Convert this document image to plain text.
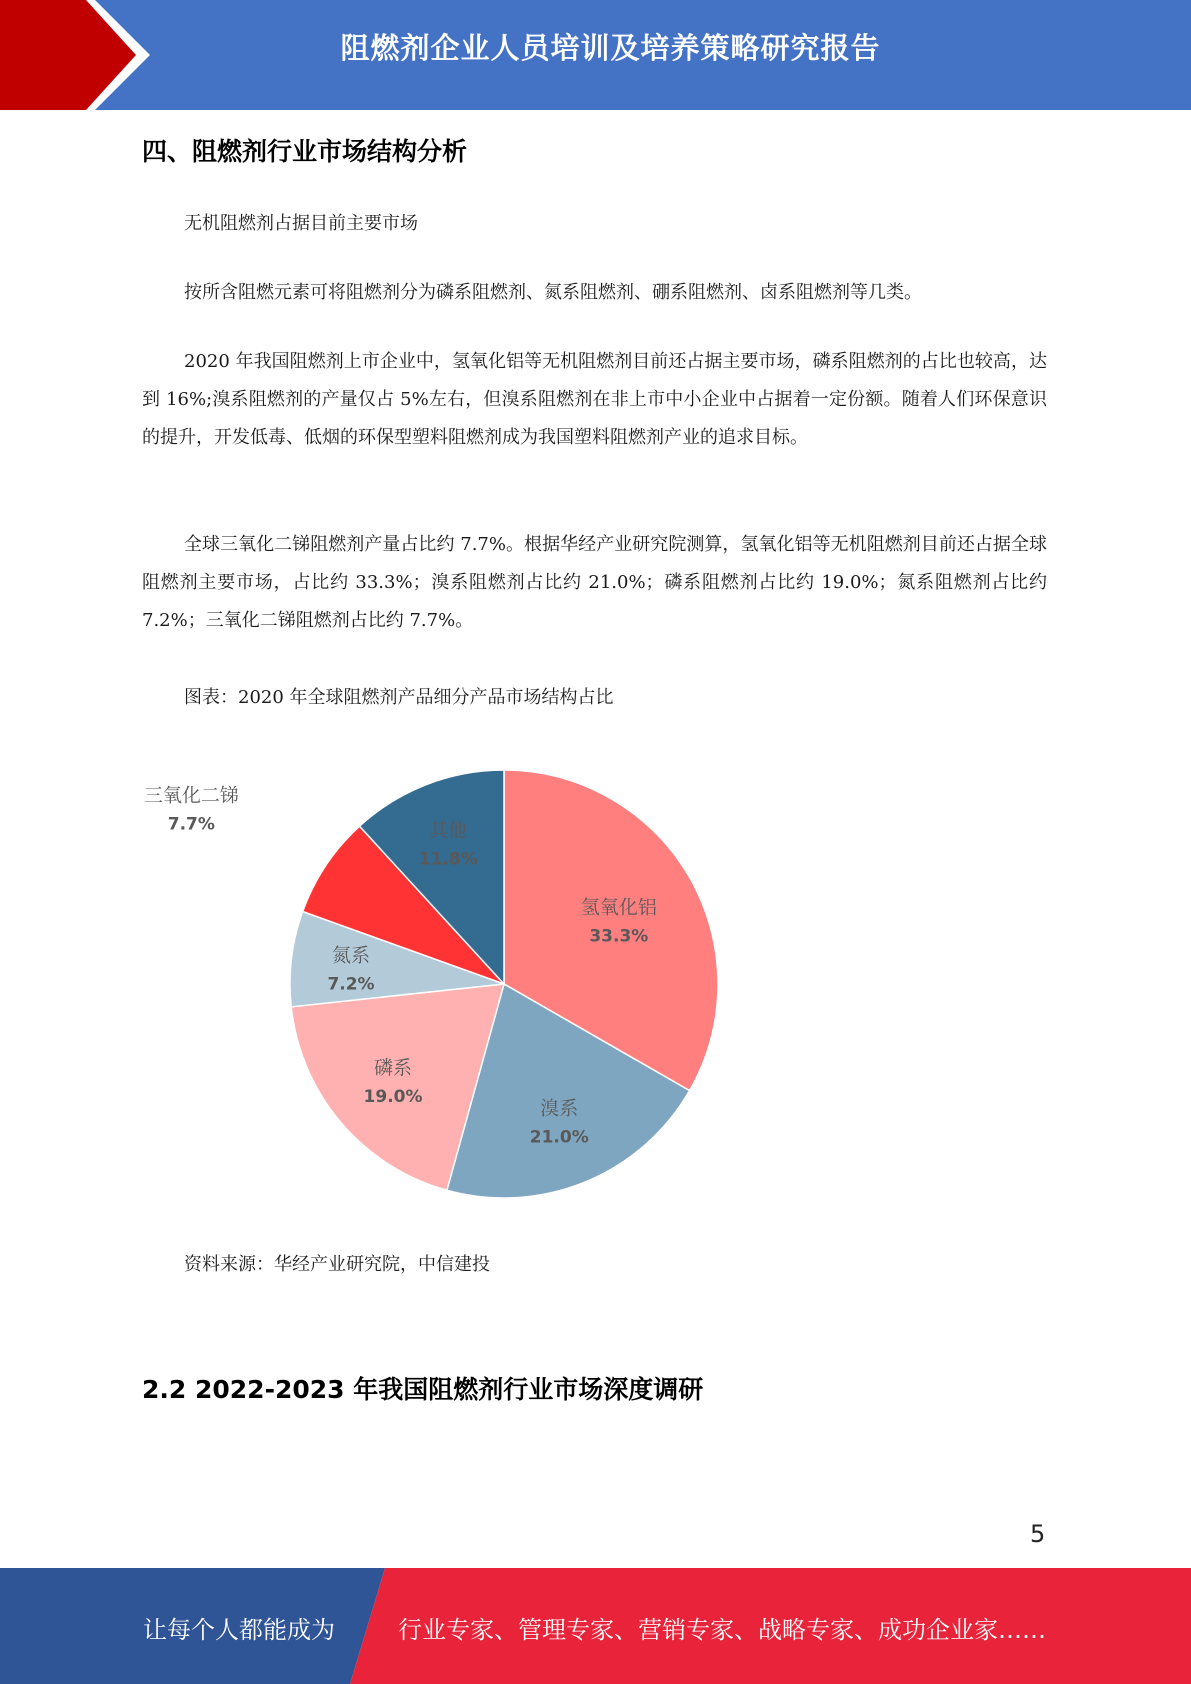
阻燃剂企业人员培训及培养策略研究报告
四、阻燃剂行业市场结构分析

无机阻燃剂占据目前主要市场

按所含阻燃元素可将阻燃剂分为磷系阻燃剂、氮系阻燃剂、硼系阻燃剂、卤系阻燃剂等几类。

2020 年我国阻燃剂上市企业中，氢氧化铝等无机阻燃剂目前还占据主要市场，磷系阻燃剂的占比也较高，达到 16%;溴系阻燃剂的产量仅占 5%左右，但溴系阻燃剂在非上市中小企业中占据着一定份额。随着人们环保意识的提升，开发低毒、低烟的环保型塑料阻燃剂成为我国塑料阻燃剂产业的追求目标。

全球三氧化二锑阻燃剂产量占比约 7.7%。根据华经产业研究院测算，氢氧化铝等无机阻燃剂目前还占据全球阻燃剂主要市场，占比约 33.3%；溴系阻燃剂占比约 21.0%；磷系阻燃剂占比约 19.0%；氮系阻燃剂占比约 7.2%；三氧化二锑阻燃剂占比约 7.7%。

图表：2020 年全球阻燃剂产品细分产品市场结构占比

氢氧化铝
33.3%
溴系
21.0%
磷系
19.0%
氮系
7.2%
三氧化二锑
7.7%	其他
11.8%

资料来源：华经产业研究院，中信建投

2.2 2022-2023 年我国阻燃剂行业市场深度调研
5
让每个人都能成为	行业专家、管理专家、营销专家、战略专家、成功企业家……
